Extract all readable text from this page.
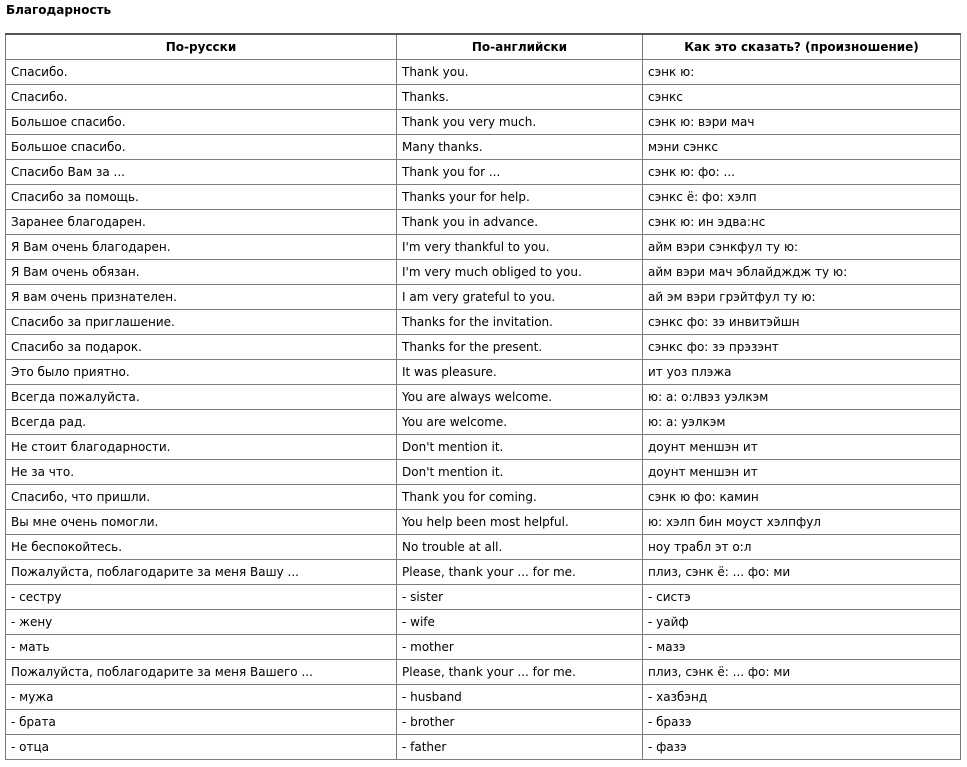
Благодарность
По-русски	По-английски	Как это сказать? (произношение)
Спасибо.	Thank you.	сэнк ю:
Спасибо.	Thanks.	сэнкс
Большое спасибо.	Thank you very much.	сэнк ю: вэри мач
Большое спасибо.	Many thanks.	мэни сэнкс
Спасибо Вам за ...	Thank you for ...	сэнк ю: фо: ...
Спасибо за помощь.	Thanks your for help.	сэнкс ё: фо: хэлп
Заранее благодарен.	Thank you in advance.	сэнк ю: ин эдва:нс
Я Вам очень благодарен.	I'm very thankful to you.	айм вэри сэнкфул ту ю:
Я Вам очень обязан.	I'm very much obliged to you.	айм вэри мач эблайдждж ту ю:
Я вам очень признателен.	I am very grateful to you.	ай эм вэри грэйтфул ту ю:
Спасибо за приглашение.	Thanks for the invitation.	сэнкс фо: зэ инвитэйшн
Спасибо за подарок.	Thanks for the present.	сэнкс фо: зэ прэзэнт
Это было приятно.	It was pleasure.	ит уоз плэжа
Всегда пожалуйста.	You are always welcome.	ю: а: о:лвэз уэлкэм
Всегда рад.	You are welcome.	ю: а: уэлкэм
Не стоит благодарности.	Don't mention it.	доунт меншэн ит
Не за что.	Don't mention it.	доунт меншэн ит
Спасибо, что пришли.	Thank you for coming.	сэнк ю фо: камин
Вы мне очень помогли.	You help been most helpful.	ю: хэлп бин моуст хэлпфул
Не беспокойтесь.	No trouble at all.	ноу трабл эт о:л
Пожалуйста, поблагодарите за меня Вашу ...	Please, thank your ... for me.	плиз, сэнк ё: ... фо: ми
- сестру	- sister	- систэ
- жену	- wife	- уайф
- мать	- mother	- мазэ
Пожалуйста, поблагодарите за меня Вашего ...	Please, thank your ... for me.	плиз, сэнк ё: ... фо: ми
- мужа	- husband	- хазбэнд
- брата	- brother	- бразэ
- отца	- father	- фазэ
